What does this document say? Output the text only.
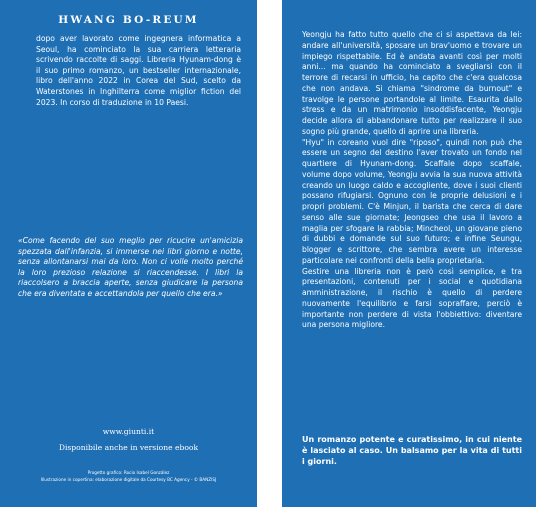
HWANG BO-REUM

dopo aver lavorato come ingegnera informatica a Seoul, ha cominciato la sua carriera letteraria scrivendo raccolte di saggi. Libreria Hyunam-dong è il suo primo romanzo, un bestseller internazionale, libro dell'anno 2022 in Corea del Sud, scelto da Waterstones in Inghilterra come miglior fiction del 2023. In corso di traduzione in 10 Paesi.

«Come facendo del suo meglio per ricucire un'amicizia spezzata dall'infanzia, si immerse nei libri giorno e notte, senza allontanarsi mai da loro. Non ci volle molto perché la loro prezioso relazione si riaccendesse. I libri la riaccolsero a braccia aperte, senza giudicare la persona che era diventata e accettandola per quello che era.»

www.giunti.it
Disponibile anche in versione ebook
Progetto grafico: Rocio Isabel González
Illustrazione in copertina: elaborazione digitale da Courtesy BC Agency - © BANZISJ

Yeongju ha fatto tutto quello che ci si aspettava da lei: andare all'università, sposare un brav'uomo e trovare un impiego rispettabile. Ed è andata avanti così per molti anni... ma quando ha cominciato a svegliarsi con il terrore di recarsi in ufficio, ha capito che c'era qualcosa che non andava. Si chiama "sindrome da burnout" e travolge le persone portandole al limite. Esaurita dallo stress e da un matrimonio insoddisfacente, Yeongju decide allora di abbandonare tutto per realizzare il suo sogno più grande, quello di aprire una libreria.

"Hyu" in coreano vuol dire "riposo", quindi non può che essere un segno del destino l'aver trovato un fondo nel quartiere di Hyunam-dong. Scaffale dopo scaffale, volume dopo volume, Yeongju avvia la sua nuova attività creando un luogo caldo e accogliente, dove i suoi clienti possano rifugiarsi. Ognuno con le proprie delusioni e i propri problemi. C'è Minjun, il barista che cerca di dare senso alle sue giornate; Jeongseo che usa il lavoro a maglia per sfogare la rabbia; Mincheol, un giovane pieno di dubbi e domande sul suo futuro; e infine Seungu, blogger e scrittore, che sembra avere un interesse particolare nei confronti della bella proprietaria.

Gestire una libreria non è però così semplice, e tra presentazioni, contenuti per i social e quotidiana amministrazione, il rischio è quello di perdere nuovamente l'equilibrio e farsi sopraffare, perciò è importante non perdere di vista l'obbiettivo: diventare una persona migliore.

Un romanzo potente e curatissimo, in cui niente è lasciato al caso. Un balsamo per la vita di tutti i giorni.
